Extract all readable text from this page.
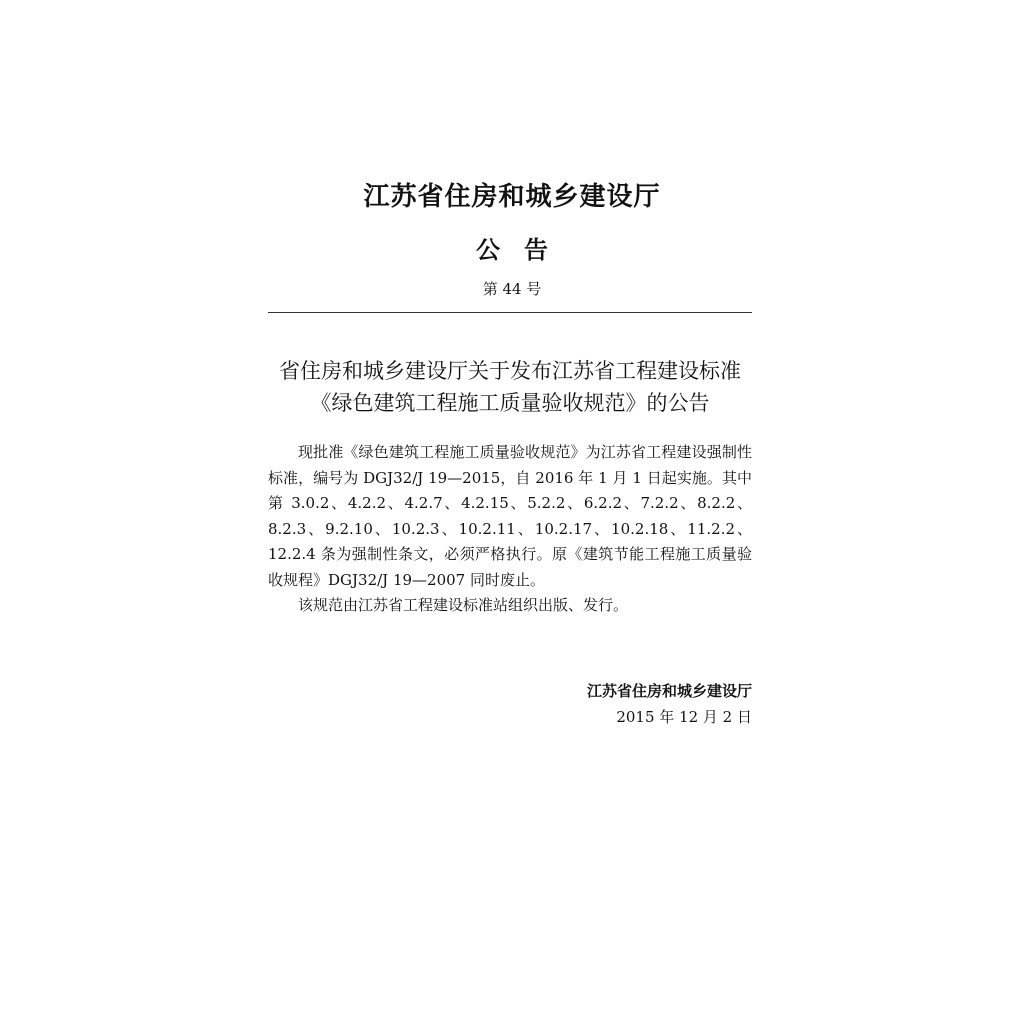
江苏省住房和城乡建设厅
公告
第 44 号
省住房和城乡建设厅关于发布江苏省工程建设标准
《绿色建筑工程施工质量验收规范》的公告

现批准《绿色建筑工程施工质量验收规范》为江苏省工程建设强制性标准，编号为 DGJ32/J 19—2015，自 2016 年 1 月 1 日起实施。其中第 3.0.2、4.2.2、4.2.7、4.2.15、5.2.2、6.2.2、7.2.2、8.2.2、8.2.3、9.2.10、10.2.3、10.2.11、10.2.17、10.2.18、11.2.2、12.2.4 条为强制性条文，必须严格执行。原《建筑节能工程施工质量验收规程》DGJ32/J 19—2007 同时废止。

该规范由江苏省工程建设标准站组织出版、发行。

江苏省住房和城乡建设厅
2015 年 12 月 2 日
